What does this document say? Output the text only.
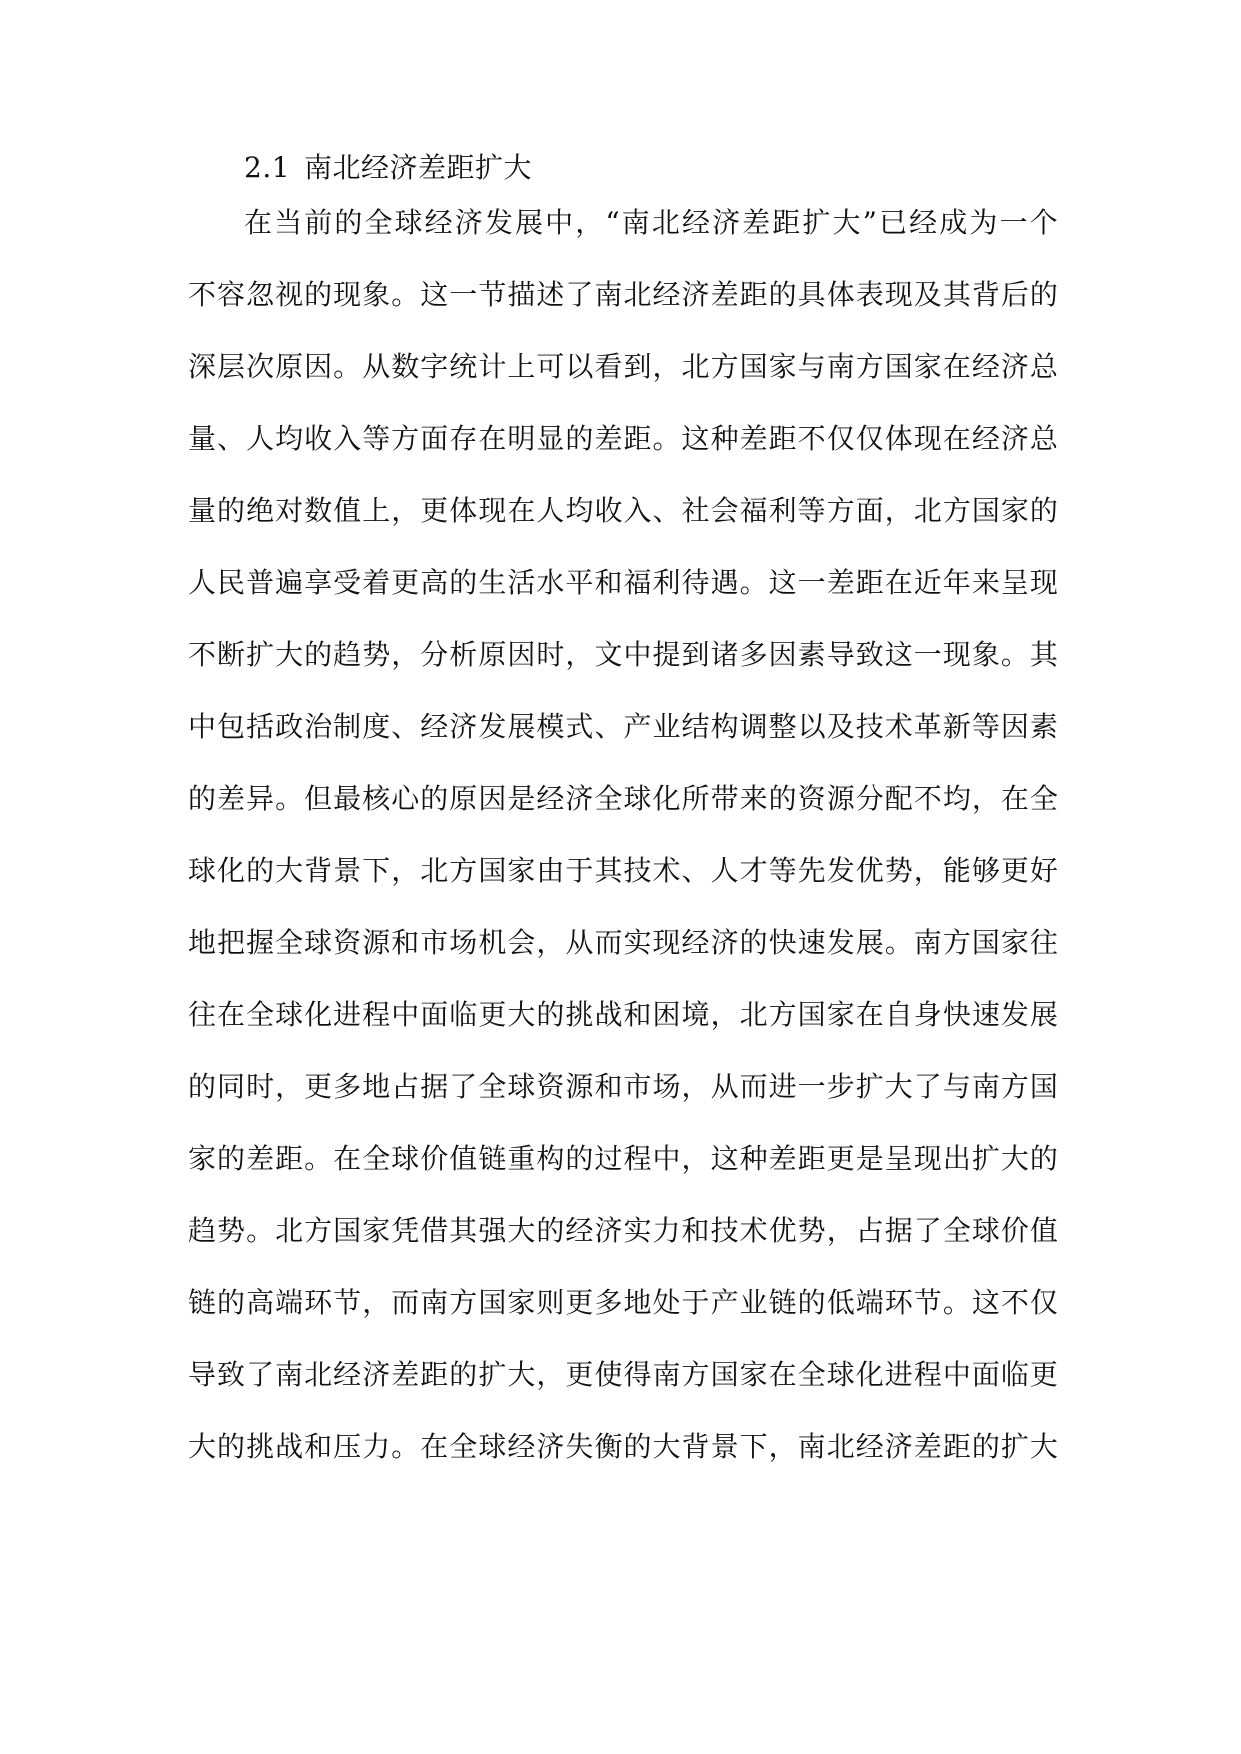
2.1 南北经济差距扩大
在 当 前 的 全 球 经 济 发 展 中 ， “ 南 北 经 济 差 距 扩 大 ” 已 经 成 为 一 个
不 容 忽 视 的 现 象 。 这 一 节 描 述 了 南 北 经 济 差 距 的 具 体 表 现 及 其 背 后 的
深 层 次 原 因 。 从 数 字 统 计 上 可 以 看 到 ， 北 方 国 家 与 南 方 国 家 在 经 济 总
量 、 人 均 收 入 等 方 面 存 在 明 显 的 差 距 。 这 种 差 距 不 仅 仅 体 现 在 经 济 总
量 的 绝 对 数 值 上 ， 更 体 现 在 人 均 收 入 、 社 会 福 利 等 方 面 ， 北 方 国 家 的
人 民 普 遍 享 受 着 更 高 的 生 活 水 平 和 福 利 待 遇 。 这 一 差 距 在 近 年 来 呈 现
不 断 扩 大 的 趋 势 ， 分 析 原 因 时 ， 文 中 提 到 诸 多 因 素 导 致 这 一 现 象 。 其
中 包 括 政 治 制 度 、 经 济 发 展 模 式 、 产 业 结 构 调 整 以 及 技 术 革 新 等 因 素
的 差 异 。 但 最 核 心 的 原 因 是 经 济 全 球 化 所 带 来 的 资 源 分 配 不 均 ， 在 全
球 化 的 大 背 景 下 ， 北 方 国 家 由 于 其 技 术 、 人 才 等 先 发 优 势 ， 能 够 更 好
地 把 握 全 球 资 源 和 市 场 机 会 ， 从 而 实 现 经 济 的 快 速 发 展 。 南 方 国 家 往
往 在 全 球 化 进 程 中 面 临 更 大 的 挑 战 和 困 境 ， 北 方 国 家 在 自 身 快 速 发 展
的 同 时 ， 更 多 地 占 据 了 全 球 资 源 和 市 场 ， 从 而 进 一 步 扩 大 了 与 南 方 国
家 的 差 距 。 在 全 球 价 值 链 重 构 的 过 程 中 ， 这 种 差 距 更 是 呈 现 出 扩 大 的
趋 势 。 北 方 国 家 凭 借 其 强 大 的 经 济 实 力 和 技 术 优 势 ， 占 据 了 全 球 价 值
链 的 高 端 环 节 ， 而 南 方 国 家 则 更 多 地 处 于 产 业 链 的 低 端 环 节 。 这 不 仅
导 致 了 南 北 经 济 差 距 的 扩 大 ， 更 使 得 南 方 国 家 在 全 球 化 进 程 中 面 临 更
大 的 挑 战 和 压 力 。 在 全 球 经 济 失 衡 的 大 背 景 下 ， 南 北 经 济 差 距 的 扩 大
